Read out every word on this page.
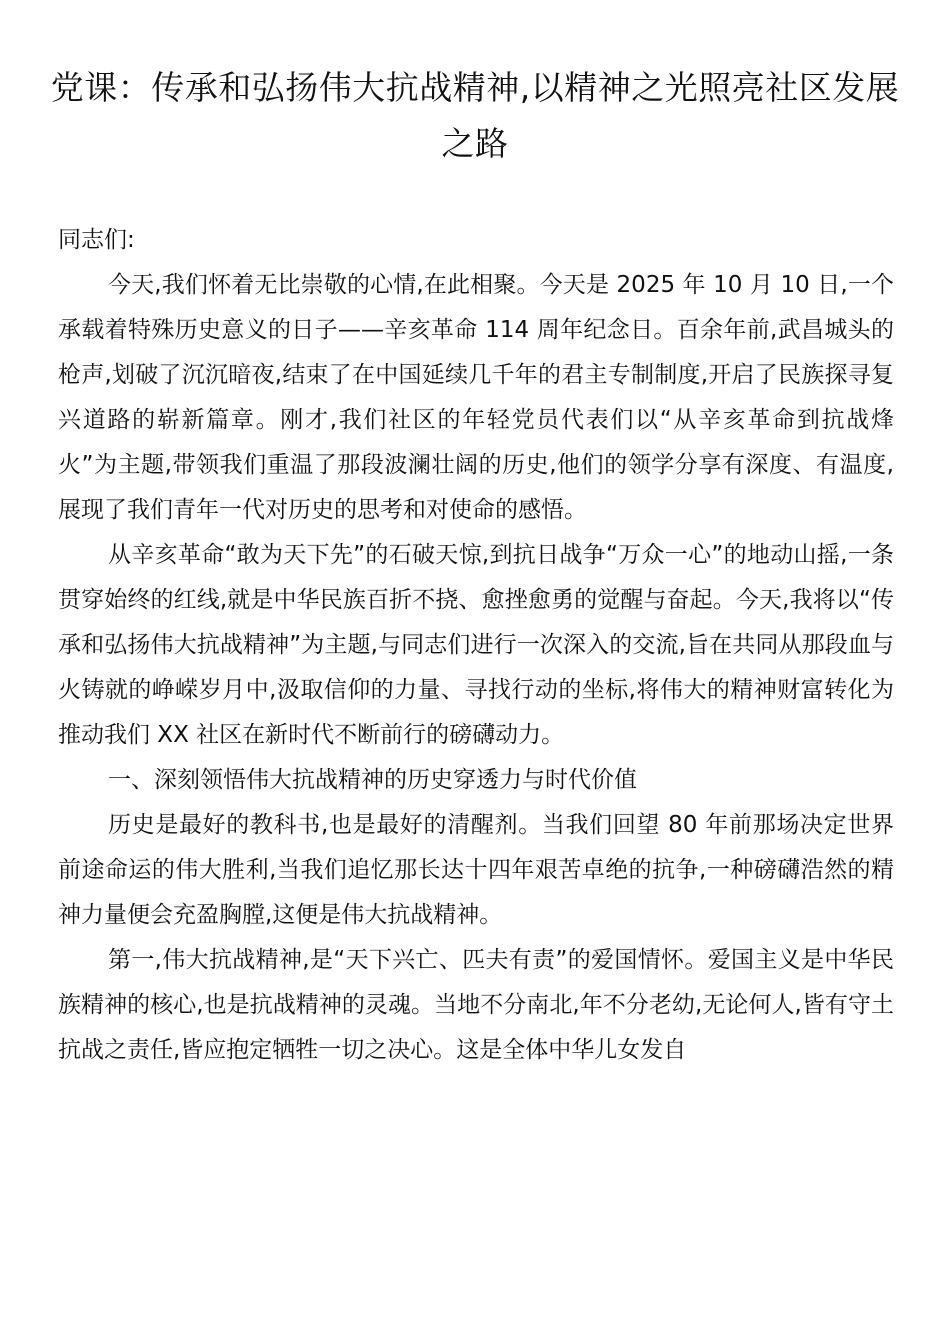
党课：传承和弘扬伟大抗战精神,以精神之光照亮社区发展之路

同志们:

今天,我们怀着无比崇敬的心情,在此相聚。今天是 2025 年 10 月 10 日,一个承载着特殊历史意义的日子——辛亥革命 114 周年纪念日。百余年前,武昌城头的枪声,划破了沉沉暗夜,结束了在中国延续几千年的君主专制制度,开启了民族探寻复兴道路的崭新篇章。刚才,我们社区的年轻党员代表们以“从辛亥革命到抗战烽火”为主题,带领我们重温了那段波澜壮阔的历史,他们的领学分享有深度、有温度,展现了我们青年一代对历史的思考和对使命的感悟。

从辛亥革命“敢为天下先”的石破天惊,到抗日战争“万众一心”的地动山摇,一条贯穿始终的红线,就是中华民族百折不挠、愈挫愈勇的觉醒与奋起。今天,我将以“传承和弘扬伟大抗战精神”为主题,与同志们进行一次深入的交流,旨在共同从那段血与火铸就的峥嵘岁月中,汲取信仰的力量、寻找行动的坐标,将伟大的精神财富转化为推动我们 XX 社区在新时代不断前行的磅礴动力。

一、深刻领悟伟大抗战精神的历史穿透力与时代价值

历史是最好的教科书,也是最好的清醒剂。当我们回望 80 年前那场决定世界前途命运的伟大胜利,当我们追忆那长达十四年艰苦卓绝的抗争,一种磅礴浩然的精神力量便会充盈胸膛,这便是伟大抗战精神。

第一,伟大抗战精神,是“天下兴亡、匹夫有责”的爱国情怀。爱国主义是中华民族精神的核心,也是抗战精神的灵魂。当地不分南北,年不分老幼,无论何人,皆有守土抗战之责任,皆应抱定牺牲一切之决心。这是全体中华儿女发自
